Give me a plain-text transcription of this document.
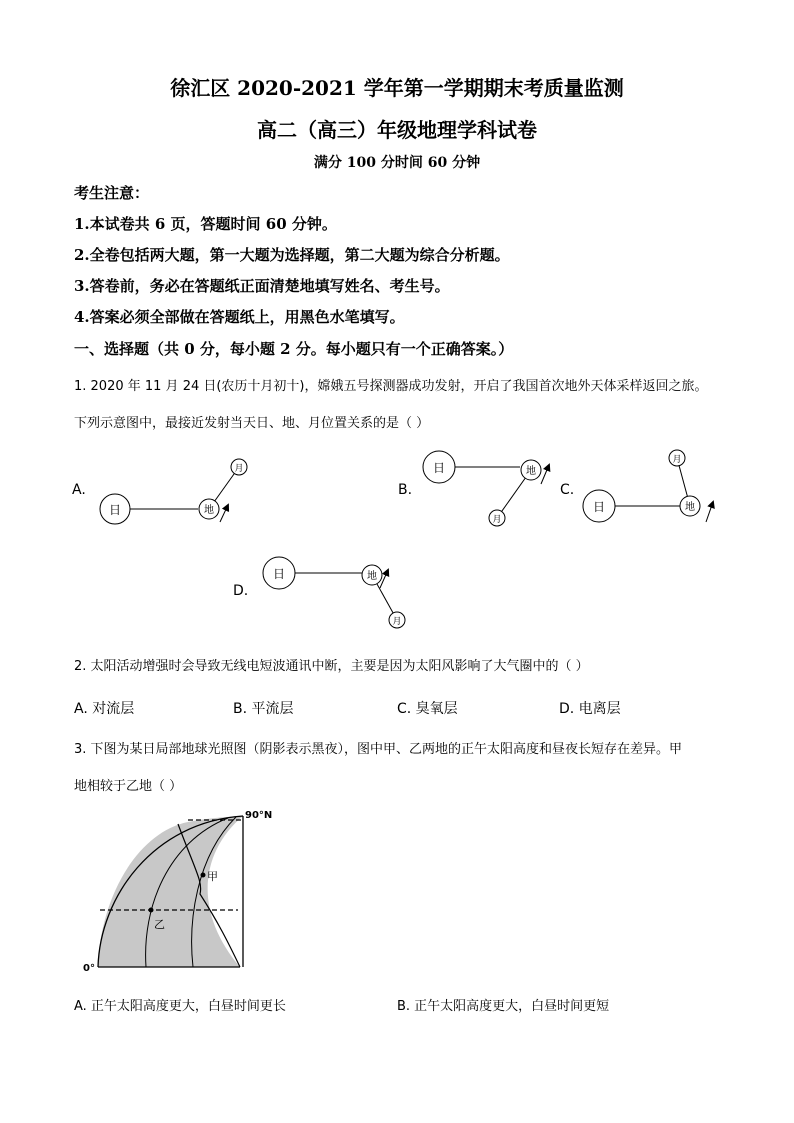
徐汇区 2020-2021 学年第一学期期末考质量监测
高二（高三）年级地理学科试卷
满分 100 分时间 60 分钟
考生注意：
1.本试卷共 6 页，答题时间 60 分钟。
2.全卷包括两大题，第一大题为选择题，第二大题为综合分析题。
3.答卷前，务必在答题纸正面清楚地填写姓名、考生号。
4.答案必须全部做在答题纸上，用黑色水笔填写。
一、选择题（共 0 分，每小题 2 分。每小题只有一个正确答案。）
1. 2020 年 11 月 24 日(农历十月初十)，嫦娥五号探测器成功发射，开启了我国首次地外天体采样返回之旅。
下列示意图中，最接近发射当天日、地、月位置关系的是（ ）
A.
日	地
月
B.
日	地
月
C.
日	地
月
D.
日	地
月
2. 太阳活动增强时会导致无线电短波通讯中断，主要是因为太阳风影响了大气圈中的（ ）
A. 对流层	B. 平流层	C. 臭氧层	D. 电离层
3. 下图为某日局部地球光照图（阴影表示黑夜），图中甲、乙两地的正午太阳高度和昼夜长短存在差异。甲
地相较于乙地（ ）
甲
乙
90°N
0°
A. 正午太阳高度更大，白昼时间更长	B. 正午太阳高度更大，白昼时间更短
